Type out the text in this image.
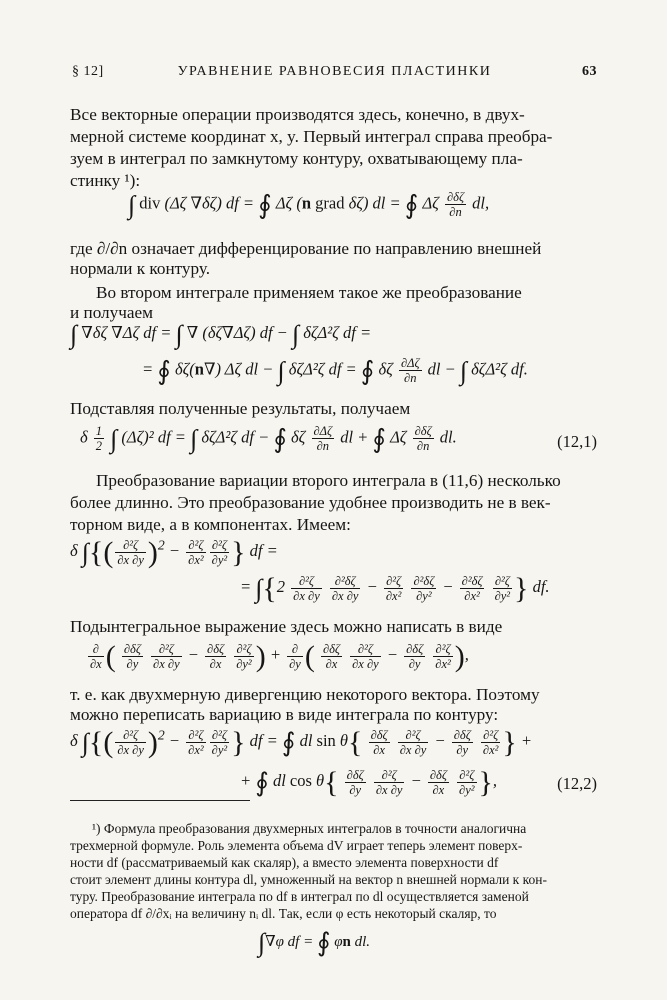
§ 12]	УРАВНЕНИЕ РАВНОВЕСИЯ ПЛАСТИНКИ	63
Все векторные операции производятся здесь, конечно, в двух-
мерной системе координат x, y. Первый интеграл справа преобра-
зуем в интеграл по замкнутому контуру, охватывающему пла-
стинку ¹):
∫ div (Δζ ∇δζ) df = ∮ Δζ (n grad δζ) dl = ∮ Δζ $\frac{\partial\delta\zeta}{\partial n}$ dl,
где ∂/∂n означает дифференцирование по направлению внешней
нормали к контуру.
Во втором интеграле применяем такое же преобразование
и получаем
∫ ∇δζ ∇Δζ df = ∫ ∇ (δζ∇Δζ) df − ∫ δζΔ²ζ df =
= ∮ δζ(n∇) Δζ dl − ∫ δζΔ²ζ df = ∮ δζ $\frac{\partial\Delta\zeta}{\partial n}$ dl − ∫ δζΔ²ζ df.
Подставляя полученные результаты, получаем
δ $\frac{1}{2}$ ∫ (Δζ)² df = ∫ δζΔ²ζ df − ∮ δζ $\frac{\partial\Delta\zeta}{\partial n}$ dl + ∮ Δζ $\frac{\partial\delta\zeta}{\partial n}$ dl.	(12,1)
Преобразование вариации второго интеграла в (11,6) несколько
более длинно. Это преобразование удобнее производить не в век-
торном виде, а в компонентах. Имеем:
δ ∫{( $\frac{\text{∂²ζ}}{\partial x \partial y} )^2 - \frac{\text{∂²ζ}}{\text{∂x²}} \frac{\text{∂²ζ}}{\text{∂y²}}$ } df =
= $\int\{2 \frac{\text{∂²ζ}}{\partial x \partial y}$
$\frac{\text{∂²δζ}}{\partial x \partial y} - \frac{\text{∂²ζ}}{\text{∂x²}}$
$\frac{\text{∂²δζ}}{\text{∂y²}} - \frac{\text{∂²δζ}}{\text{∂x²}}$
$\frac{\text{∂²ζ}}{\text{∂y²}}$ } df.
Подынтегральное выражение здесь можно написать в виде
$\frac{\partial}{\partial x}$ ( $\frac{\partial\delta\zeta}{\partial y}$
$\frac{\text{∂²ζ}}{\partial x \partial y} - \frac{\partial\delta\zeta}{\partial x}$
$\frac{\text{∂²ζ}}{\text{∂y²}}$ ) + $\frac{\partial}{\partial y}$ ( $\frac{\partial\delta\zeta}{\partial x}$
$\frac{\text{∂²ζ}}{\partial x \partial y} - \frac{\partial\delta\zeta}{\partial y}$
$\frac{\text{∂²ζ}}{\text{∂x²}}$ ),
т. е. как двухмерную дивергенцию некоторого вектора. Поэтому
можно переписать вариацию в виде интеграла по контуру:
δ ∫{( $\frac{\text{∂²ζ}}{\partial x \partial y} )^2 - \frac{\text{∂²ζ}}{\text{∂x²}} \frac{\text{∂²ζ}}{\text{∂y²}}$ } df = ∮ dl $\sin \theta\{ \frac{\partial\delta\zeta}{\partial x}$
$\frac{\text{∂²ζ}}{\partial x \partial y} - \frac{\partial\delta\zeta}{\partial y}$
$\frac{\text{∂²ζ}}{\text{∂x²}}$ } +
+ ∮ dl $\cos \theta\{ \frac{\partial\delta\zeta}{\partial y}$
$\frac{\text{∂²ζ}}{\partial x \partial y} - \frac{\partial\delta\zeta}{\partial x}$
$\frac{\text{∂²ζ}}{\text{∂y²}}$ },	(12,2)
¹) Формула преобразования двухмерных интегралов в точности аналогична
трехмерной формуле. Роль элемента объема dV играет теперь элемент поверх-
ности df (рассматриваемый как скаляр), а вместо элемента поверхности df
стоит элемент длины контура dl, умноженный на вектор n внешней нормали к кон-
туру. Преобразование интеграла по df в интеграл по dl осуществляется заменой
оператора df ∂/∂xᵢ на величину nᵢ dl. Так, если φ есть некоторый скаляр, то
∫∇φ df = ∮ φn dl.
